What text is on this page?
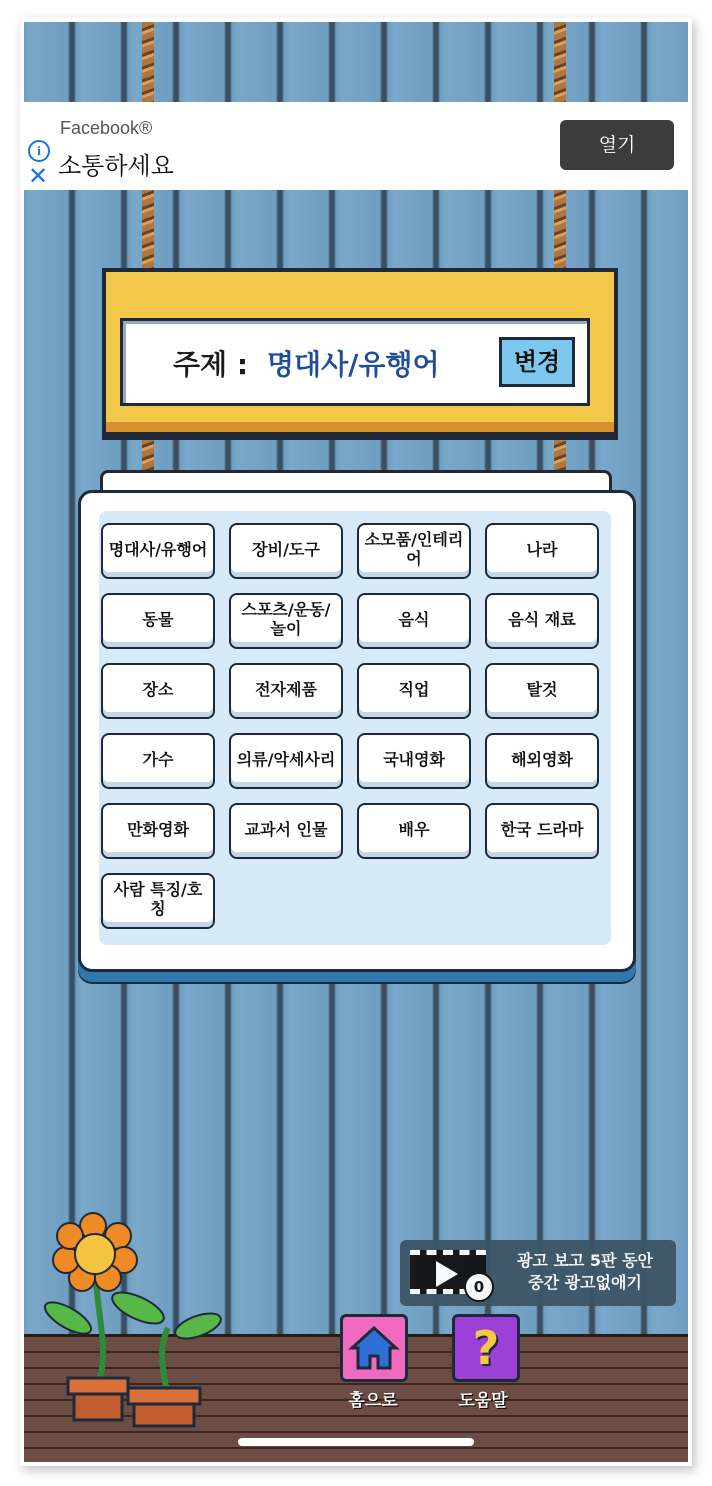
i
✕
Facebook®
소통하세요
열기
주제 : 명대사/유행어	변경
명대사/유행어	장비/도구	소모품/인테리어	나라
동물	스포츠/운동/놀이	음식	음식 재료
장소	전자제품	직업	탈것
가수	의류/악세사리	국내영화	해외영화
만화영화	교과서 인물	배우	한국 드라마
사람 특징/호칭
0
광고 보고 5판 동안
중간 광고없애기
홈으로
?
도움말
